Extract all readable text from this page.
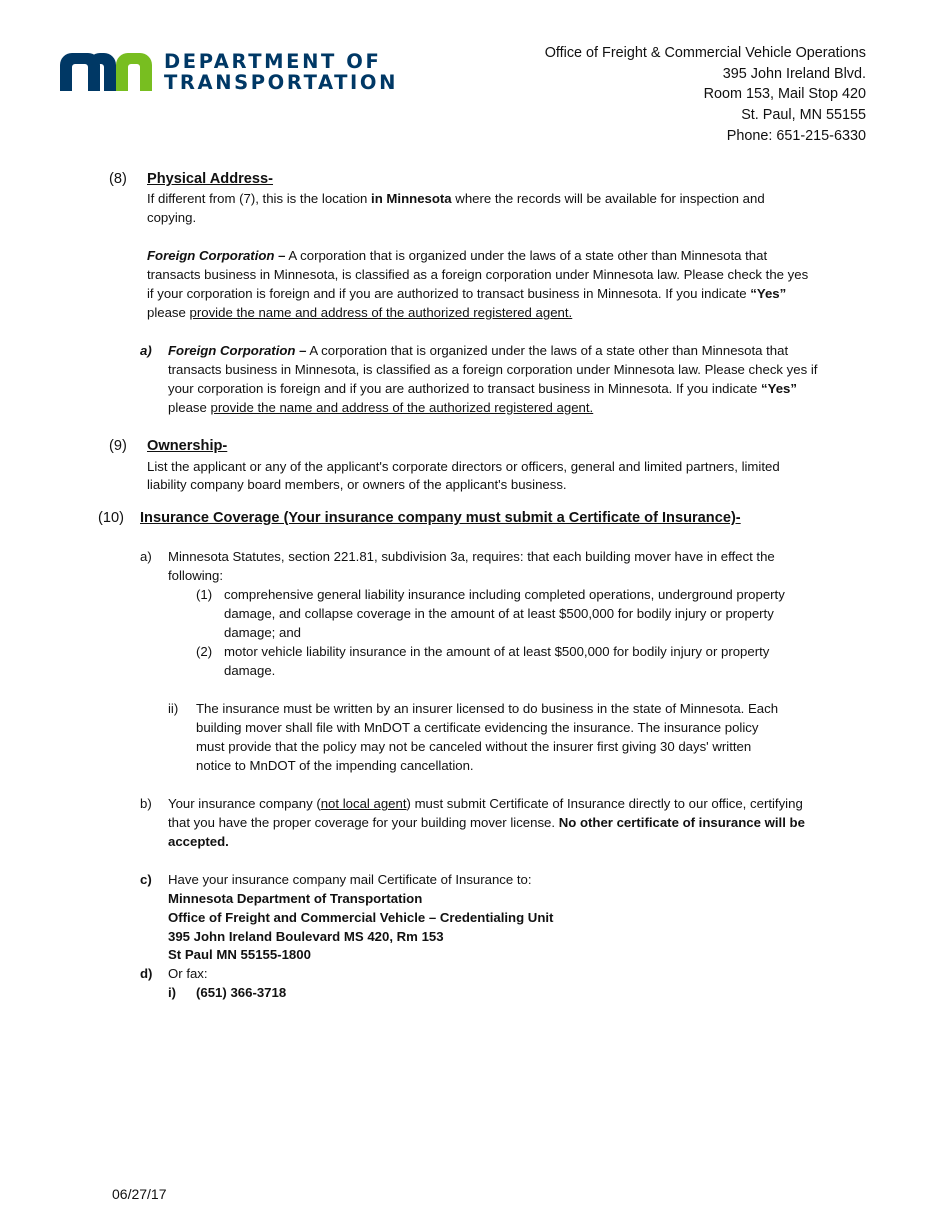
DEPARTMENT OF
TRANSPORTATION
Office of Freight & Commercial Vehicle Operations
395 John Ireland Blvd.
Room 153, Mail Stop 420
St. Paul, MN 55155
Phone: 651-215-6330
(8) Physical Address-
If different from (7), this is the location in Minnesota where the records will be available for inspection and
copying.
Foreign Corporation – A corporation that is organized under the laws of a state other than Minnesota that
transacts business in Minnesota, is classified as a foreign corporation under Minnesota law. Please check the yes
if your corporation is foreign and if you are authorized to transact business in Minnesota. If you indicate “Yes”
please provide the name and address of the authorized registered agent.
a) Foreign Corporation – A corporation that is organized under the laws of a state other than Minnesota that
transacts business in Minnesota, is classified as a foreign corporation under Minnesota law. Please check yes if
your corporation is foreign and if you are authorized to transact business in Minnesota. If you indicate “Yes”
please provide the name and address of the authorized registered agent.
(9) Ownership-
List the applicant or any of the applicant's corporate directors or officers, general and limited partners, limited
liability company board members, or owners of the applicant's business.
(10) Insurance Coverage (Your insurance company must submit a Certificate of Insurance)-
a) Minnesota Statutes, section 221.81, subdivision 3a, requires: that each building mover have in effect the
following:
(1) comprehensive general liability insurance including completed operations, underground property
damage, and collapse coverage in the amount of at least $500,000 for bodily injury or property
damage; and
(2) motor vehicle liability insurance in the amount of at least $500,000 for bodily injury or property
damage.
ii) The insurance must be written by an insurer licensed to do business in the state of Minnesota. Each
building mover shall file with MnDOT a certificate evidencing the insurance. The insurance policy
must provide that the policy may not be canceled without the insurer first giving 30 days' written
notice to MnDOT of the impending cancellation.
b) Your insurance company (not local agent) must submit Certificate of Insurance directly to our office, certifying
that you have the proper coverage for your building mover license. No other certificate of insurance will be
accepted.
c) Have your insurance company mail Certificate of Insurance to:
Minnesota Department of Transportation
Office of Freight and Commercial Vehicle – Credentialing Unit
395 John Ireland Boulevard MS 420, Rm 153
St Paul MN 55155-1800
d) Or fax:
i) (651) 366-3718
06/27/17
